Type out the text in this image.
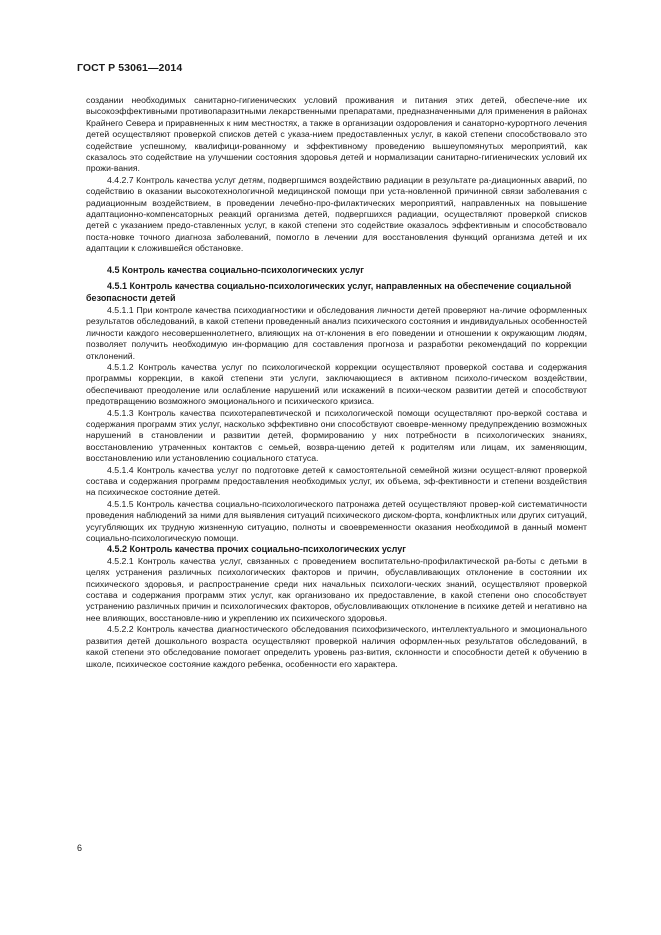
ГОСТ Р 53061—2014

создании необходимых санитарно-гигиенических условий проживания и питания этих детей, обеспече-ние их высокоэффективными противопаразитными лекарственными препаратами, предназначенными для применения в районах Крайнего Севера и приравненных к ним местностях, а также в организации оздоровления и санаторно-курортного лечения детей осуществляют проверкой списков детей с указа-нием предоставленных услуг, в какой степени способствовало это содействие успешному, квалифици-рованному и эффективному проведению вышеупомянутых мероприятий, как сказалось это содействие на улучшении состояния здоровья детей и нормализации санитарно-гигиенических условий их прожи-вания.

4.4.2.7 Контроль качества услуг детям, подвергшимся воздействию радиации в результате ра-диационных аварий, по содействию в оказании высокотехнологичной медицинской помощи при уста-новленной причинной связи заболевания с радиационным воздействием, в проведении лечебно-про-филактических мероприятий, направленных на повышение адаптационно-компенсаторных реакций организма детей, подвергшихся радиации, осуществляют проверкой списков детей с указанием предо-ставленных услуг, в какой степени это содействие оказалось эффективным и способствовало поста-новке точного диагноза заболеваний, помогло в лечении для восстановления функций организма детей и их адаптации к сложившейся обстановке.

4.5 Контроль качества социально-психологических услуг

4.5.1 Контроль качества социально-психологических услуг, направленных на обеспечение социальной безопасности детей

4.5.1.1 При контроле качества психодиагностики и обследования личности детей проверяют на-личие оформленных результатов обследований, в какой степени проведенный анализ психического состояния и индивидуальных особенностей личности каждого несовершеннолетнего, влияющих на от-клонения в его поведении и отношении к окружающим людям, позволяет получить необходимую ин-формацию для составления прогноза и разработки рекомендаций по коррекции отклонений.

4.5.1.2 Контроль качества услуг по психологической коррекции осуществляют проверкой состава и содержания программы коррекции, в какой степени эти услуги, заключающиеся в активном психоло-гическом воздействии, обеспечивают преодоление или ослабление нарушений или искажений в психи-ческом развитии детей и способствуют предотвращению возможного эмоционального и психического кризиса.

4.5.1.3 Контроль качества психотерапевтической и психологической помощи осуществляют про-веркой состава и содержания программ этих услуг, насколько эффективно они способствуют своевре-менному предупреждению возможных нарушений в становлении и развитии детей, формированию у них потребности в психологических знаниях, восстановлению утраченных контактов с семьей, возвра-щению детей к родителям или лицам, их заменяющим, восстановлению или установлению социального статуса.

4.5.1.4 Контроль качества услуг по подготовке детей к самостоятельной семейной жизни осущест-вляют проверкой состава и содержания программ предоставления необходимых услуг, их объема, эф-фективности и степени воздействия на психическое состояние детей.

4.5.1.5 Контроль качества социально-психологического патронажа детей осуществляют провер-кой систематичности проведения наблюдений за ними для выявления ситуаций психического диском-форта, конфликтных или других ситуаций, усугубляющих их трудную жизненную ситуацию, полноты и своевременности оказания необходимой в данный момент социально-психологическую помощи.

4.5.2 Контроль качества прочих социально-психологических услуг

4.5.2.1 Контроль качества услуг, связанных с проведением воспитательно-профилактической ра-боты с детьми в целях устранения различных психологических факторов и причин, обуславливающих отклонение в состоянии их психического здоровья, и распространение среди них начальных психологи-ческих знаний, осуществляют проверкой состава и содержания программ этих услуг, как организовано их предоставление, в какой степени оно способствует устранению различных причин и психологических факторов, обусловливающих отклонение в психике детей и негативно на нее влияющих, восстановле-нию и укреплению их психического здоровья.

4.5.2.2 Контроль качества диагностического обследования психофизического, интеллектуального и эмоционального развития детей дошкольного возраста осуществляют проверкой наличия оформлен-ных результатов обследований, в какой степени это обследование помогает определить уровень раз-вития, склонности и способности детей к обучению в школе, психическое состояние каждого ребенка, особенности его характера.

6
